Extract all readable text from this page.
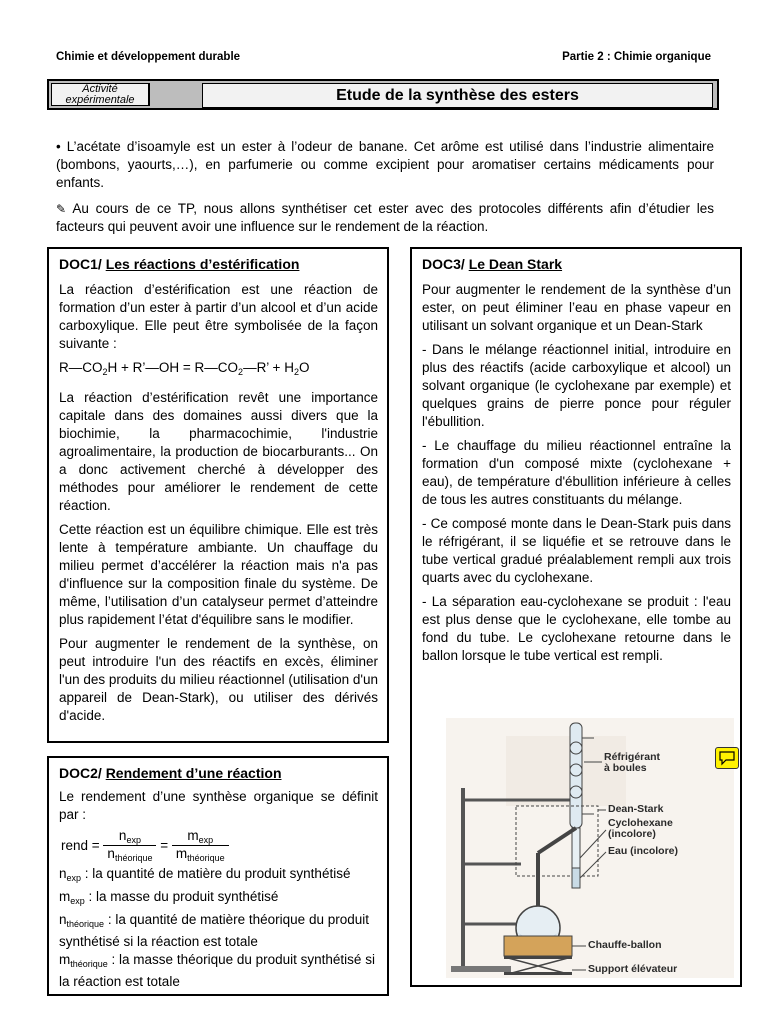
Chimie et développement durable	Partie 2 : Chimie organique
Activité
expérimentale	Etude de la synthèse des esters
• L’acétate d’isoamyle est un ester à l’odeur de banane. Cet arôme est utilisé dans l’industrie alimentaire (bombons, yaourts,…), en parfumerie ou comme excipient pour aromatiser certains médicaments pour enfants.
✎ Au cours de ce TP, nous allons synthétiser cet ester avec des protocoles différents afin d’étudier les facteurs qui peuvent avoir une influence sur le rendement de la réaction.
DOC1/ Les réactions d’estérification

La réaction d’estérification est une réaction de formation d’un ester à partir d’un alcool et d’un acide carboxylique. Elle peut être symbolisée de la façon suivante :

$R—CO_2H$ + R’—OH = $R—CO_2—R$’ + $H_2O$

La réaction d’estérification revêt une importance capitale dans des domaines aussi divers que la biochimie, la pharmacochimie, l'industrie agroalimentaire, la production de biocarburants... On a donc activement cherché à développer des méthodes pour améliorer le rendement de cette réaction.

Cette réaction est un équilibre chimique. Elle est très lente à température ambiante. Un chauffage du milieu permet d’accélérer la réaction mais n'a pas d'influence sur la composition finale du système. De même, l’utilisation d’un catalyseur permet d’atteindre plus rapidement l’état d'équilibre sans le modifier.

Pour augmenter le rendement de la synthèse, on peut introduire l'un des réactifs en excès, éliminer l'un des produits du milieu réactionnel (utilisation d'un appareil de Dean-Stark), ou utiliser des dérivés d'acide.

DOC2/ Rendement d’une réaction

Le rendement d’une synthèse organique se définit par :

rend = $\frac{n_{exp}}{n_{théorique}} = \frac{m_{exp}}{m_{théorique}}$

$n_{exp}$ : la quantité de matière du produit synthétisé

$m_{exp}$ : la masse du produit synthétisé

$n_{théorique}$ : la quantité de matière théorique du produit synthétisé si la réaction est totale

$m_{théorique}$ : la masse théorique du produit synthétisé si la réaction est totale

DOC3/ Le Dean Stark

Pour augmenter le rendement de la synthèse d’un ester, on peut éliminer l’eau en phase vapeur en utilisant un solvant organique et un Dean-Stark

- Dans le mélange réactionnel initial, introduire en plus des réactifs (acide carboxylique et alcool) un solvant organique (le cyclohexane par exemple) et quelques grains de pierre ponce pour réguler l'ébullition.

- Le chauffage du milieu réactionnel entraîne la formation d'un composé mixte (cyclohexane + eau), de température d'ébullition inférieure à celles de tous les autres constituants du mélange.

- Ce composé monte dans le Dean-Stark puis dans le réfrigérant, il se liquéfie et se retrouve dans le tube vertical gradué préalablement rempli aux trois quarts avec du cyclohexane.

- La séparation eau-cyclohexane se produit : l'eau est plus dense que le cyclohexane, elle tombe au fond du tube. Le cyclohexane retourne dans le ballon lorsque le tube vertical est rempli.

Réfrigérant
à boules
Dean-Stark
Cyclohexane
(incolore)
Eau (incolore)
Chauffe-ballon
Support élévateur
